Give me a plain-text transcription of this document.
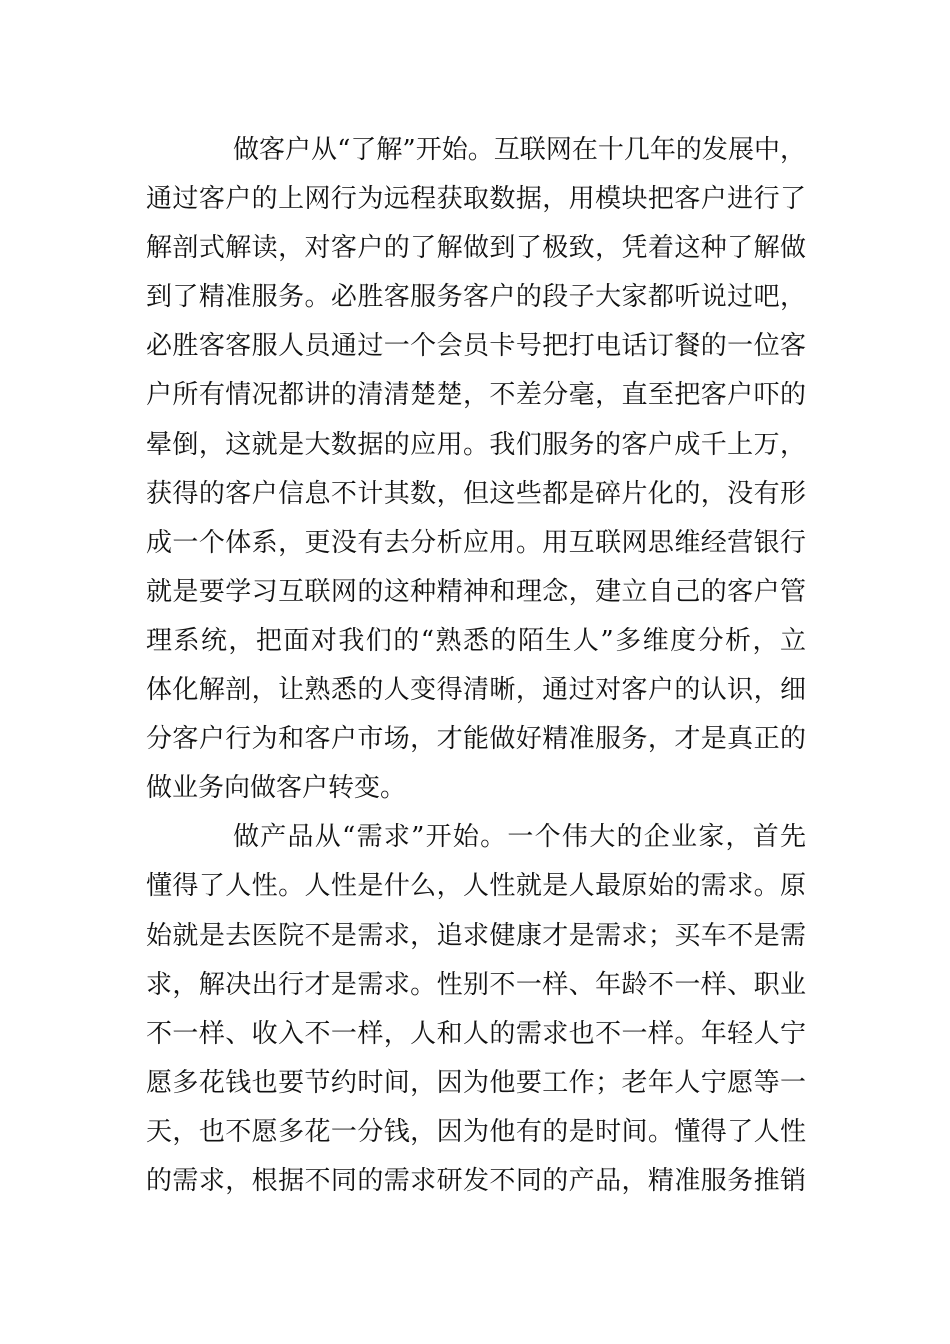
做客户从“了解”开始。互联网在十几年的发展中，
通过客户的上网行为远程获取数据，用模块把客户进行了
解剖式解读，对客户的了解做到了极致，凭着这种了解做
到了精准服务。必胜客服务客户的段子大家都听说过吧，
必胜客客服人员通过一个会员卡号把打电话订餐的一位客
户所有情况都讲的清清楚楚，不差分毫，直至把客户吓的
晕倒，这就是大数据的应用。我们服务的客户成千上万，
获得的客户信息不计其数，但这些都是碎片化的，没有形
成一个体系，更没有去分析应用。用互联网思维经营银行
就是要学习互联网的这种精神和理念，建立自己的客户管
理系统，把面对我们的“熟悉的陌生人”多维度分析，立
体化解剖，让熟悉的人变得清晰，通过对客户的认识，细
分客户行为和客户市场，才能做好精准服务，才是真正的
做业务向做客户转变。
做产品从“需求”开始。一个伟大的企业家，首先
懂得了人性。人性是什么，人性就是人最原始的需求。原
始就是去医院不是需求，追求健康才是需求；买车不是需
求，解决出行才是需求。性别不一样、年龄不一样、职业
不一样、收入不一样，人和人的需求也不一样。年轻人宁
愿多花钱也要节约时间，因为他要工作；老年人宁愿等一
天，也不愿多花一分钱，因为他有的是时间。懂得了人性
的需求，根据不同的需求研发不同的产品，精准服务推销
